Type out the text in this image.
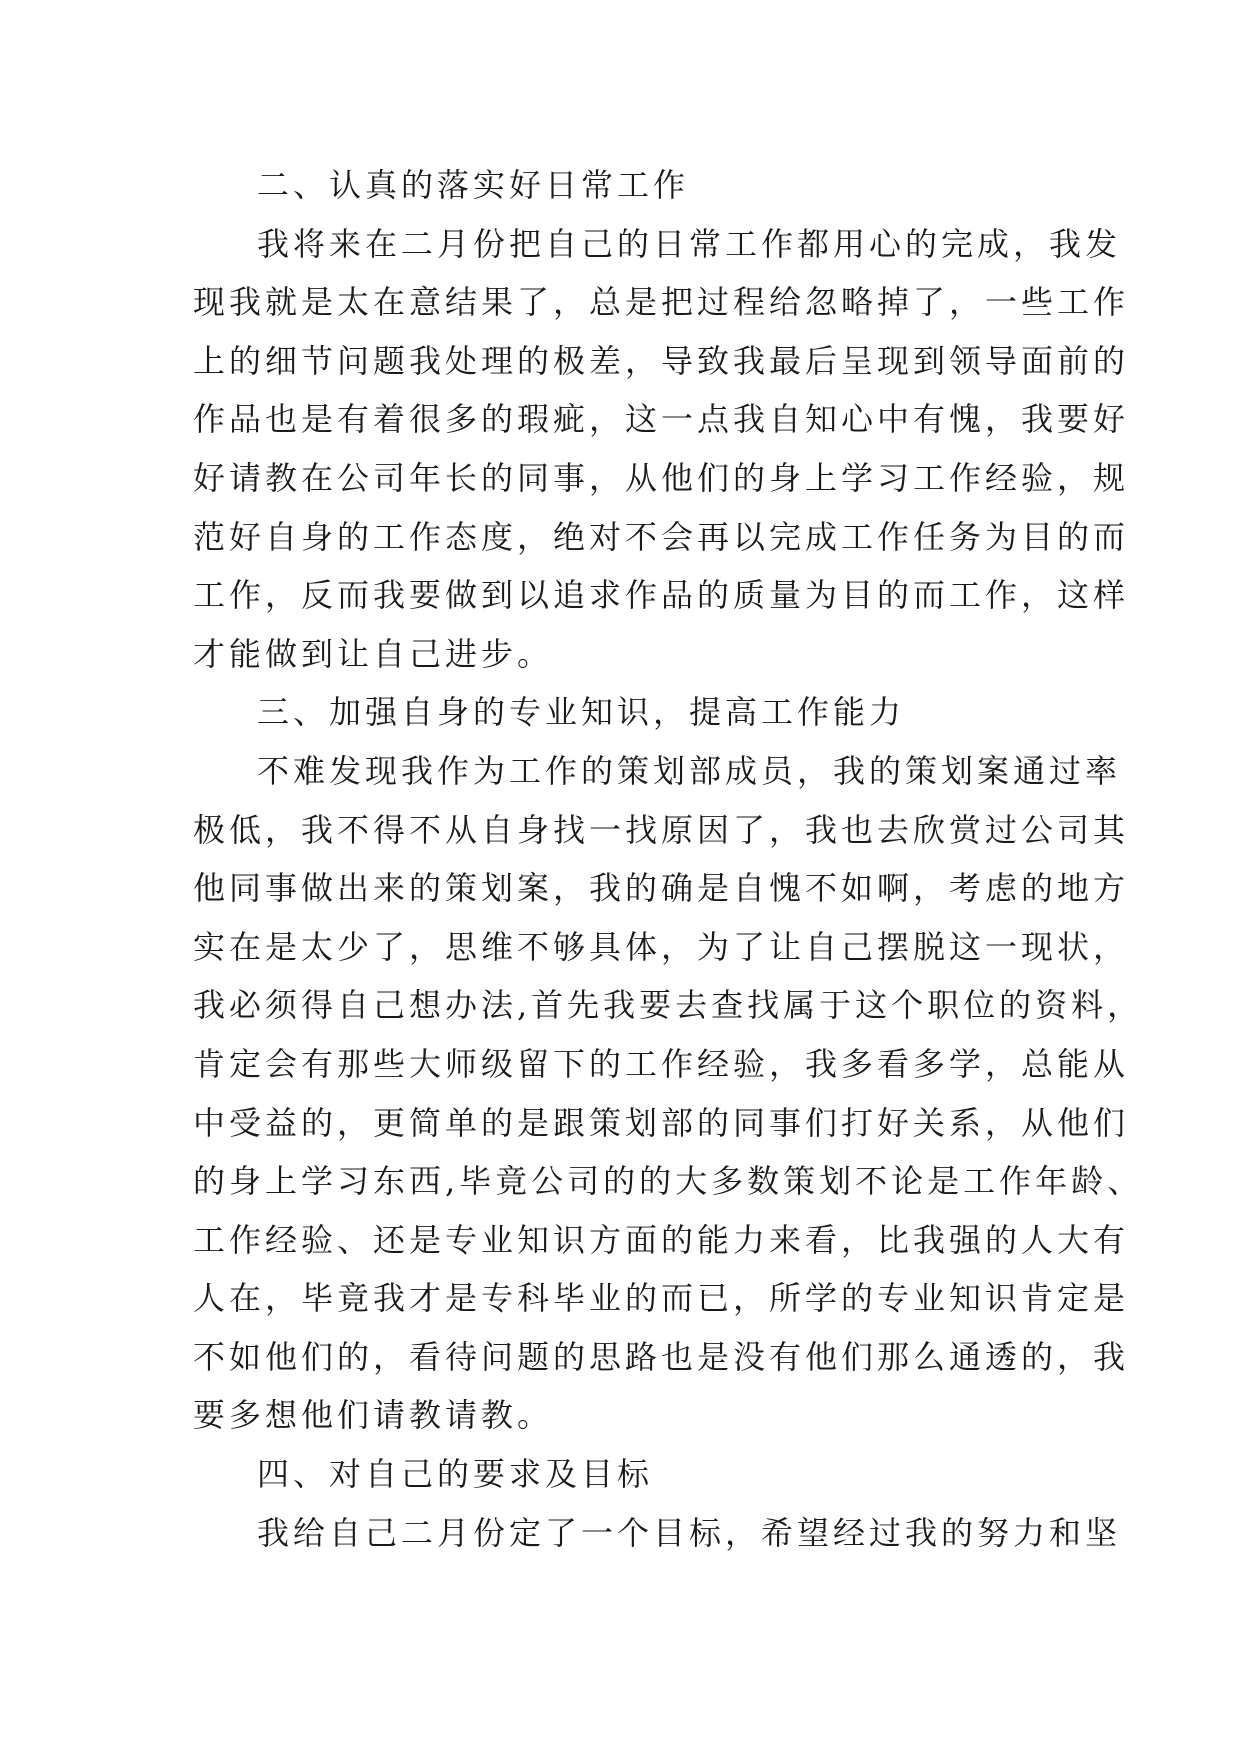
二、认真的落实好日常工作
我将来在二月份把自己的日常工作都用心的完成，我发
现我就是太在意结果了，总是把过程给忽略掉了，一些工作
上的细节问题我处理的极差，导致我最后呈现到领导面前的
作品也是有着很多的瑕疵，这一点我自知心中有愧，我要好
好请教在公司年长的同事，从他们的身上学习工作经验，规
范好自身的工作态度，绝对不会再以完成工作任务为目的而
工作，反而我要做到以追求作品的质量为目的而工作，这样
才能做到让自己进步。
三、加强自身的专业知识，提高工作能力
不难发现我作为工作的策划部成员，我的策划案通过率
极低，我不得不从自身找一找原因了，我也去欣赏过公司其
他同事做出来的策划案，我的确是自愧不如啊，考虑的地方
实在是太少了，思维不够具体，为了让自己摆脱这一现状，
我必须得自己想办法,首先我要去查找属于这个职位的资料，
肯定会有那些大师级留下的工作经验，我多看多学，总能从
中受益的，更简单的是跟策划部的同事们打好关系，从他们
的身上学习东西,毕竟公司的的大多数策划不论是工作年龄、
工作经验、还是专业知识方面的能力来看，比我强的人大有
人在，毕竟我才是专科毕业的而已，所学的专业知识肯定是
不如他们的，看待问题的思路也是没有他们那么通透的，我
要多想他们请教请教。
四、对自己的要求及目标
我给自己二月份定了一个目标，希望经过我的努力和坚
